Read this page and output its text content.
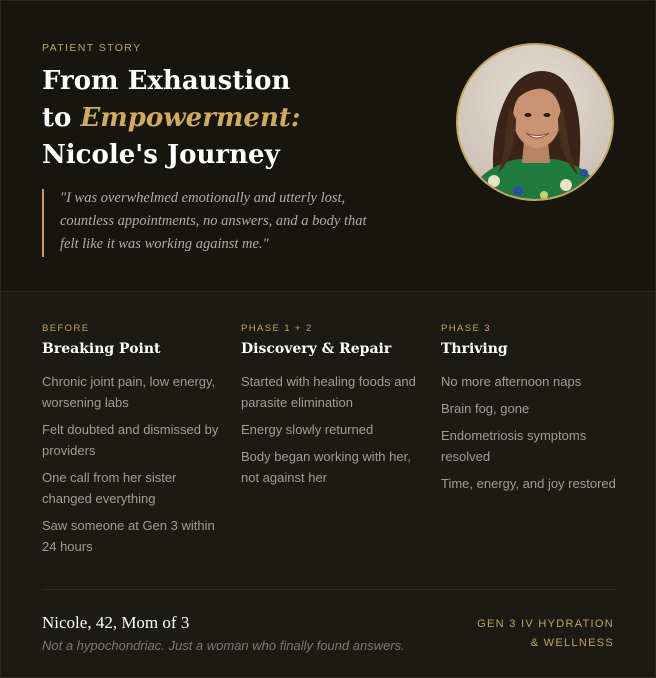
PATIENT STORY
From Exhaustion
to Empowerment:
Nicole's Journey
"I was overwhelmed emotionally and utterly lost, countless appointments, no answers, and a body that felt like it was working against me."
BEFORE
Breaking Point
Chronic joint pain, low energy, worsening labs
Felt doubted and dismissed by providers
One call from her sister changed everything
Saw someone at Gen 3 within 24 hours
PHASE 1 + 2
Discovery & Repair
Started with healing foods and parasite elimination
Energy slowly returned
Body began working with her, not against her
PHASE 3
Thriving
No more afternoon naps
Brain fog, gone
Endometriosis symptoms resolved
Time, energy, and joy restored
Nicole, 42, Mom of 3
Not a hypochondriac. Just a woman who finally found answers.
GEN 3 IV HYDRATION
& WELLNESS
